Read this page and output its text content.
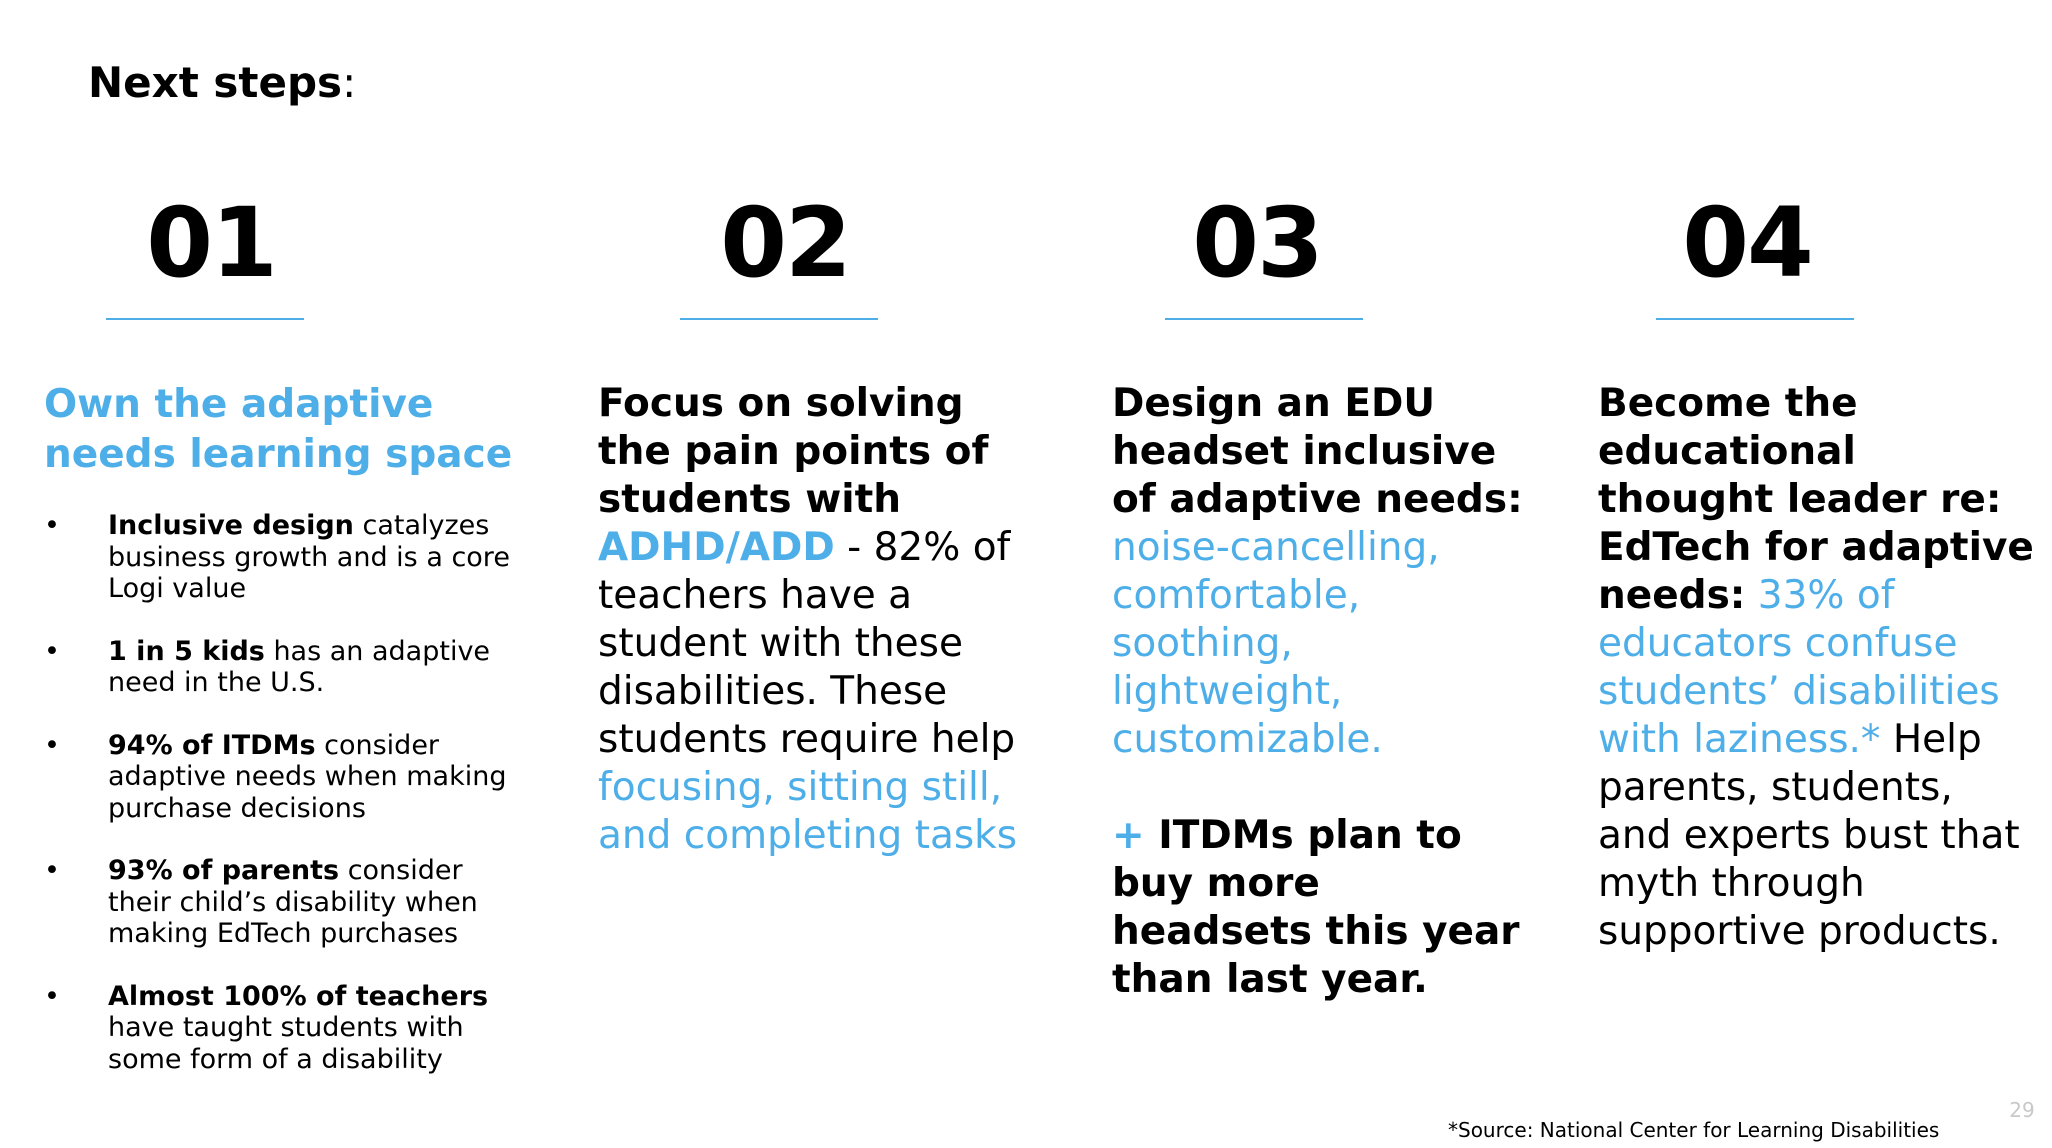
Next steps:
01	02	03	04
Own the adaptive needs learning space
• Inclusive design catalyzes business growth and is a core Logi value
• 1 in 5 kids has an adaptive need in the U.S.
• 94% of ITDMs consider adaptive needs when making purchase decisions
• 93% of parents consider their child’s disability when making EdTech purchases
• Almost 100% of teachers have taught students with some form of a disability
Focus on solving the pain points of students with ADHD/ADD - 82% of teachers have a student with these disabilities. These students require help focusing, sitting still, and completing tasks
Design an EDU headset inclusive of adaptive needs: noise-cancelling, comfortable, soothing, lightweight, customizable.
+ ITDMs plan to buy more headsets this year than last year.
Become the educational thought leader re: EdTech for adaptive needs: 33% of educators confuse students’ disabilities with laziness.* Help parents, students, and experts bust that myth through supportive products.
*Source: National Center for Learning Disabilities
29
